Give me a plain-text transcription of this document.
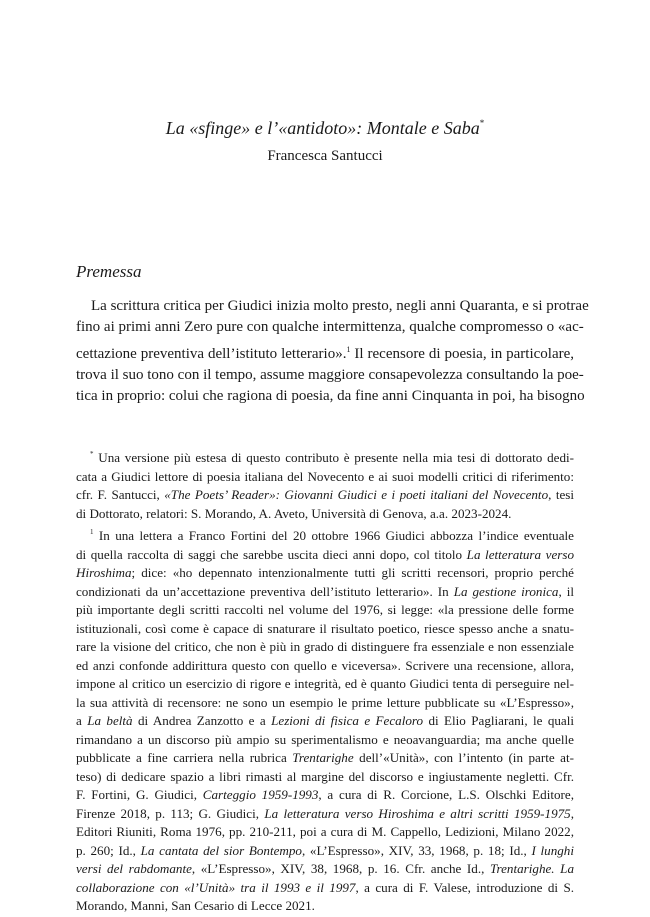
La «sfinge» e l’«antidoto»: Montale e Saba*
Francesca Santucci
Premessa
La scrittura critica per Giudici inizia molto presto, negli anni Quaranta, e si protrae
fino ai primi anni Zero pure con qualche intermittenza, qualche compromesso o «ac-
cettazione preventiva dell’istituto letterario».$^1$ Il recensore di poesia, in particolare,
trova il suo tono con il tempo, assume maggiore consapevolezza consultando la poe-
tica in proprio: colui che ragiona di poesia, da fine anni Cinquanta in poi, ha bisogno
* Una versione più estesa di questo contributo è presente nella mia tesi di dottorato dedi-
cata a Giudici lettore di poesia italiana del Novecento e ai suoi modelli critici di riferimento:
cfr. F. Santucci, «The Poets’ Reader»: Giovanni Giudici e i poeti italiani del Novecento, tesi
di Dottorato, relatori: S. Morando, A. Aveto, Università di Genova, a.a. 2023-2024.
$^1$ In una lettera a Franco Fortini del 20 ottobre 1966 Giudici abbozza l’indice eventuale
di quella raccolta di saggi che sarebbe uscita dieci anni dopo, col titolo La letteratura verso
Hiroshima; dice: «ho depennato intenzionalmente tutti gli scritti recensori, proprio perché
condizionati da un’accettazione preventiva dell’istituto letterario». In La gestione ironica, il
più importante degli scritti raccolti nel volume del 1976, si legge: «la pressione delle forme
istituzionali, così come è capace di snaturare il risultato poetico, riesce spesso anche a snatu-
rare la visione del critico, che non è più in grado di distinguere fra essenziale e non essenziale
ed anzi confonde addirittura questo con quello e viceversa». Scrivere una recensione, allora,
impone al critico un esercizio di rigore e integrità, ed è quanto Giudici tenta di perseguire nel-
la sua attività di recensore: ne sono un esempio le prime letture pubblicate su «L’Espresso»,
a La beltà di Andrea Zanzotto e a Lezioni di fisica e Fecaloro di Elio Pagliarani, le quali
rimandano a un discorso più ampio su sperimentalismo e neoavanguardia; ma anche quelle
pubblicate a fine carriera nella rubrica Trentarighe dell’«Unità», con l’intento (in parte at-
teso) di dedicare spazio a libri rimasti al margine del discorso e ingiustamente negletti. Cfr.
F. Fortini, G. Giudici, Carteggio 1959-1993, a cura di R. Corcione, L.S. Olschki Editore,
Firenze 2018, p. 113; G. Giudici, La letteratura verso Hiroshima e altri scritti 1959-1975,
Editori Riuniti, Roma 1976, pp. 210-211, poi a cura di M. Cappello, Ledizioni, Milano 2022,
p. 260; Id., La cantata del sior Bontempo, «L’Espresso», XIV, 33, 1968, p. 18; Id., I lunghi
versi del rabdomante, «L’Espresso», XIV, 38, 1968, p. 16. Cfr. anche Id., Trentarighe. La
collaborazione con «l’Unità» tra il 1993 e il 1997, a cura di F. Valese, introduzione di S.
Morando, Manni, San Cesario di Lecce 2021.
